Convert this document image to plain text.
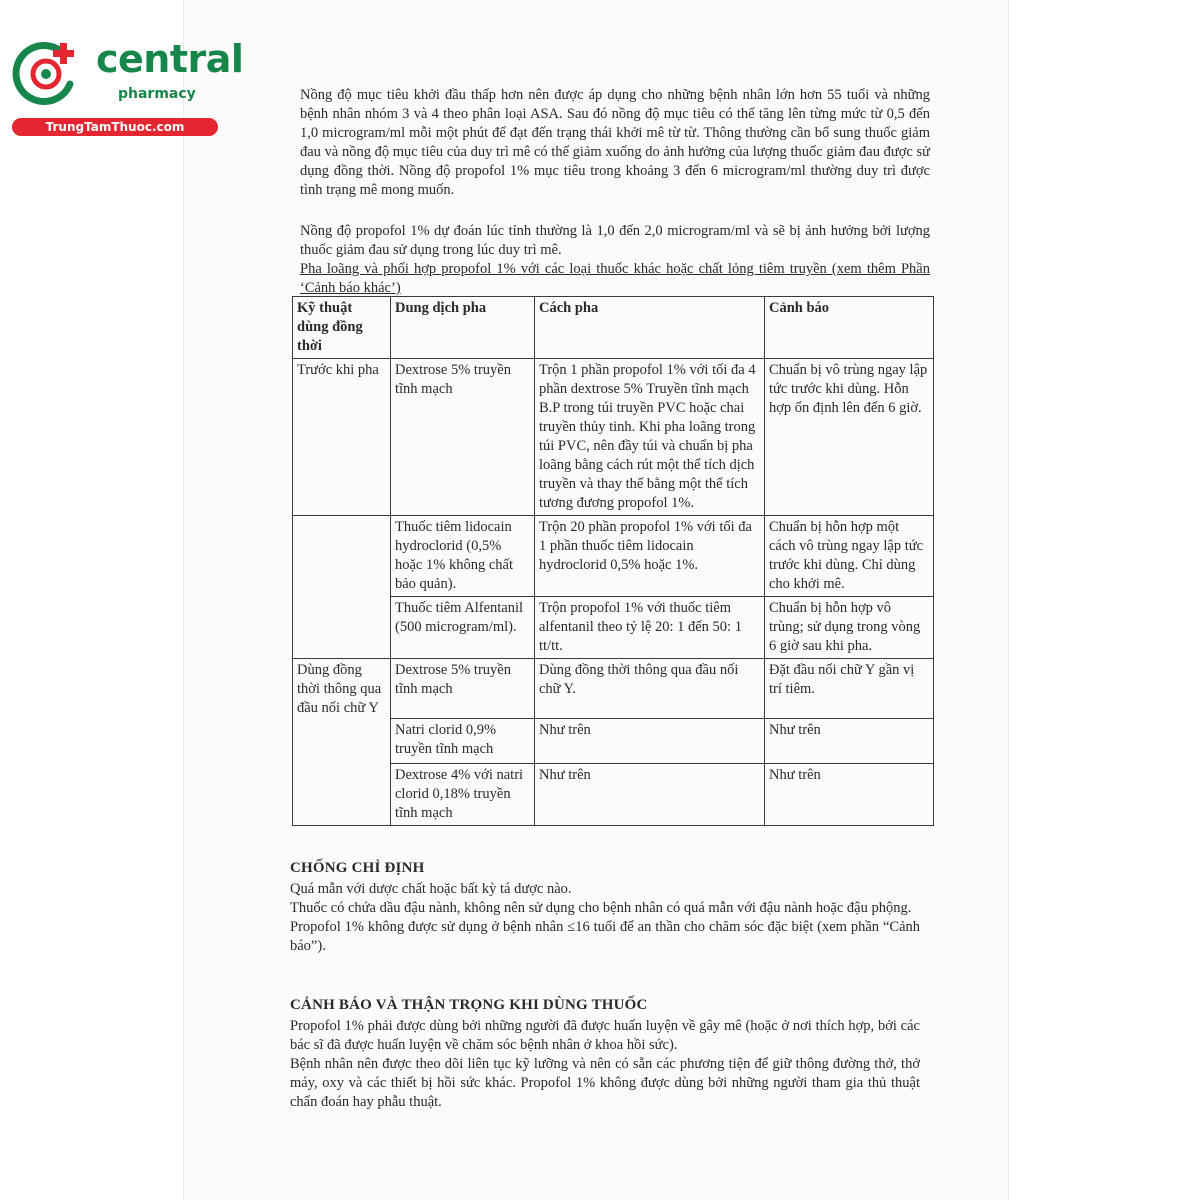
central
pharmacy
TrungTamThuoc.com
Nồng độ mục tiêu khởi đầu thấp hơn nên được áp dụng cho những bệnh nhân lớn hơn 55 tuổi và những bệnh nhân nhóm 3 và 4 theo phân loại ASA. Sau đó nồng độ mục tiêu có thể tăng lên từng mức từ 0,5 đến 1,0 microgram/ml mỗi một phút để đạt đến trạng thái khởi mê từ từ. Thông thường cần bổ sung thuốc giảm đau và nồng độ mục tiêu của duy trì mê có thể giảm xuống do ảnh hưởng của lượng thuốc giảm đau được sử dụng đồng thời. Nồng độ propofol 1% mục tiêu trong khoảng 3 đến 6 microgram/ml thường duy trì được tình trạng mê mong muốn.
Nồng độ propofol 1% dự đoán lúc tỉnh thường là 1,0 đến 2,0 microgram/ml và sẽ bị ảnh hưởng bởi lượng thuốc giảm đau sử dụng trong lúc duy trì mê.
Pha loãng và phối hợp propofol 1% với các loại thuốc khác hoặc chất lỏng tiêm truyền (xem thêm Phần ‘Cảnh báo khác’)
Kỹ thuật dùng đồng thời	Dung dịch pha	Cách pha	Cảnh báo
Trước khi pha	Dextrose 5% truyền tĩnh mạch	Trộn 1 phần propofol 1% với tối đa 4 phần dextrose 5% Truyền tĩnh mạch B.P trong túi truyền PVC hoặc chai truyền thủy tinh. Khi pha loãng trong túi PVC, nên đầy túi và chuẩn bị pha loãng bằng cách rút một thể tích dịch truyền và thay thế bằng một thể tích tương đương propofol 1%.	Chuẩn bị vô trùng ngay lập tức trước khi dùng. Hỗn hợp ổn định lên đến 6 giờ.
	Thuốc tiêm lidocain hydroclorid (0,5% hoặc 1% không chất bảo quản).	Trộn 20 phần propofol 1% với tối đa 1 phần thuốc tiêm lidocain hydroclorid 0,5% hoặc 1%.	Chuẩn bị hỗn hợp một cách vô trùng ngay lập tức trước khi dùng. Chỉ dùng cho khởi mê.
	Thuốc tiêm Alfentanil (500 microgram/ml).	Trộn propofol 1% với thuốc tiêm alfentanil theo tỷ lệ 20: 1 đến 50: 1 tt/tt.	Chuẩn bị hỗn hợp vô trùng; sử dụng trong vòng 6 giờ sau khi pha.
Dùng đồng thời thông qua đầu nối chữ Y	Dextrose 5% truyền tĩnh mạch	Dùng đồng thời thông qua đầu nối chữ Y.	Đặt đầu nối chữ Y gần vị trí tiêm.
	Natri clorid 0,9% truyền tĩnh mạch	Như trên	Như trên
	Dextrose 4% với natri clorid 0,18% truyền tĩnh mạch	Như trên	Như trên
CHỐNG CHỈ ĐỊNH
Quá mẫn với dược chất hoặc bất kỳ tá dược nào.
Thuốc có chứa dầu đậu nành, không nên sử dụng cho bệnh nhân có quá mẫn với đậu nành hoặc đậu phộng.
Propofol 1% không được sử dụng ở bệnh nhân ≤16 tuổi để an thần cho chăm sóc đặc biệt (xem phần “Cảnh báo”).
CẢNH BÁO VÀ THẬN TRỌNG KHI DÙNG THUỐC
Propofol 1% phải được dùng bởi những người đã được huấn luyện về gây mê (hoặc ở nơi thích hợp, bởi các bác sĩ đã được huấn luyện về chăm sóc bệnh nhân ở khoa hồi sức).
Bệnh nhân nên được theo dõi liên tục kỹ lưỡng và nên có sẵn các phương tiện để giữ thông đường thở, thở máy, oxy và các thiết bị hồi sức khác. Propofol 1% không được dùng bởi những người tham gia thủ thuật chẩn đoán hay phẫu thuật.
